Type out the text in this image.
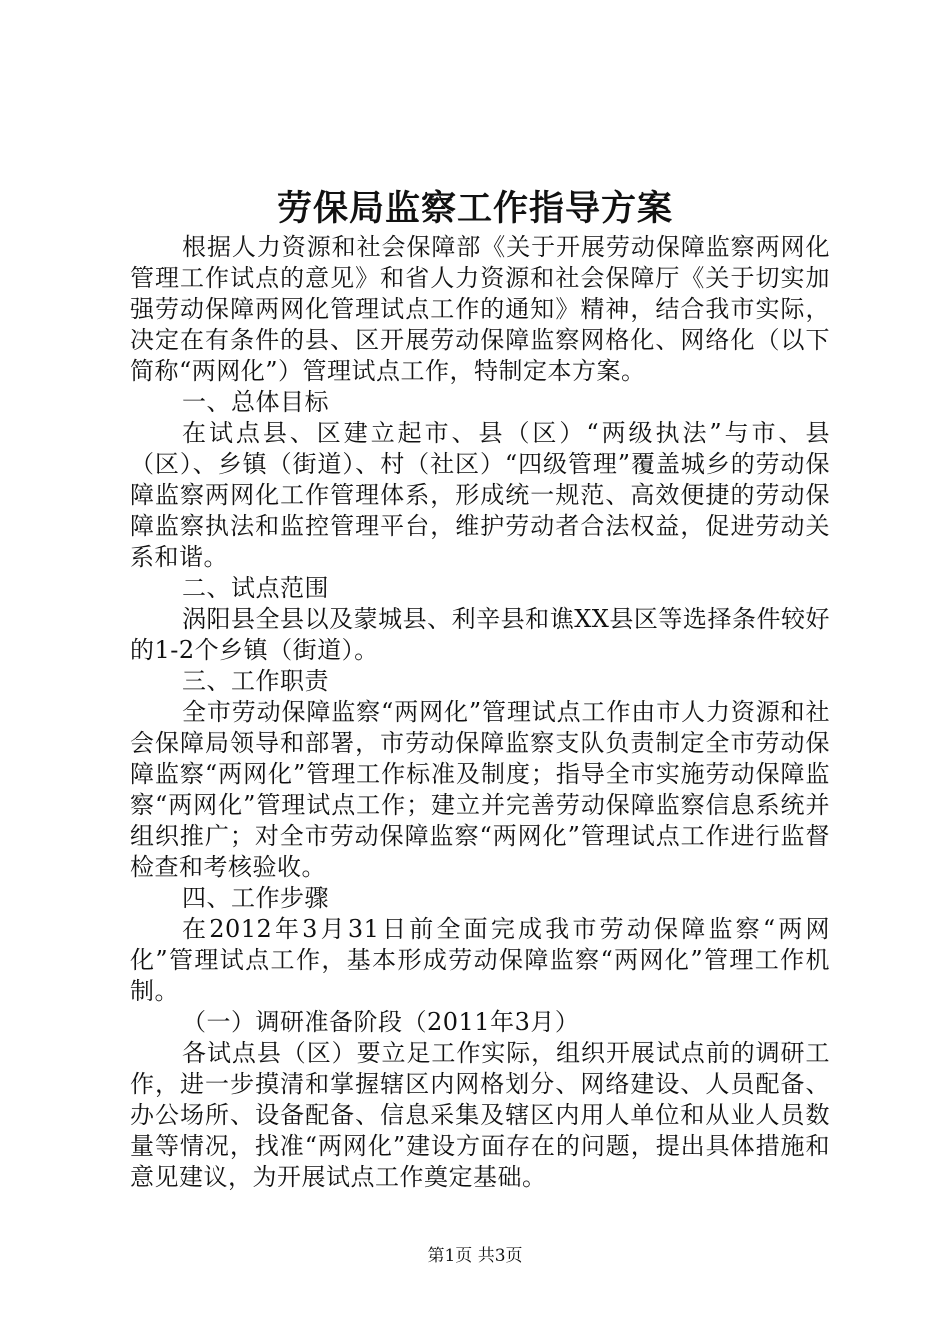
劳保局监察工作指导方案

根据人力资源和社会保障部《关于开展劳动保障监察两网化管理工作试点的意见》和省人力资源和社会保障厅《关于切实加强劳动保障两网化管理试点工作的通知》精神，结合我市实际，决定在有条件的县、区开展劳动保障监察网格化、网络化（以下简称“两网化”）管理试点工作，特制定本方案。

一、总体目标

在试点县、区建立起市、县（区）“两级执法”与市、县（区）、乡镇（街道）、村（社区）“四级管理”覆盖城乡的劳动保障监察两网化工作管理体系，形成统一规范、高效便捷的劳动保障监察执法和监控管理平台，维护劳动者合法权益，促进劳动关系和谐。

二、试点范围

涡阳县全县以及蒙城县、利辛县和谯XX县区等选择条件较好的1-2个乡镇（街道）。

三、工作职责

全市劳动保障监察“两网化”管理试点工作由市人力资源和社会保障局领导和部署，市劳动保障监察支队负责制定全市劳动保障监察“两网化”管理工作标准及制度；指导全市实施劳动保障监察“两网化”管理试点工作；建立并完善劳动保障监察信息系统并组织推广；对全市劳动保障监察“两网化”管理试点工作进行监督检查和考核验收。

四、工作步骤

在2012年3月31日前全面完成我市劳动保障监察“两网化”管理试点工作，基本形成劳动保障监察“两网化”管理工作机制。

（一）调研准备阶段（2011年3月）

各试点县（区）要立足工作实际，组织开展试点前的调研工作，进一步摸清和掌握辖区内网格划分、网络建设、人员配备、办公场所、设备配备、信息采集及辖区内用人单位和从业人员数量等情况，找准“两网化”建设方面存在的问题，提出具体措施和意见建议，为开展试点工作奠定基础。

第1页 共3页
